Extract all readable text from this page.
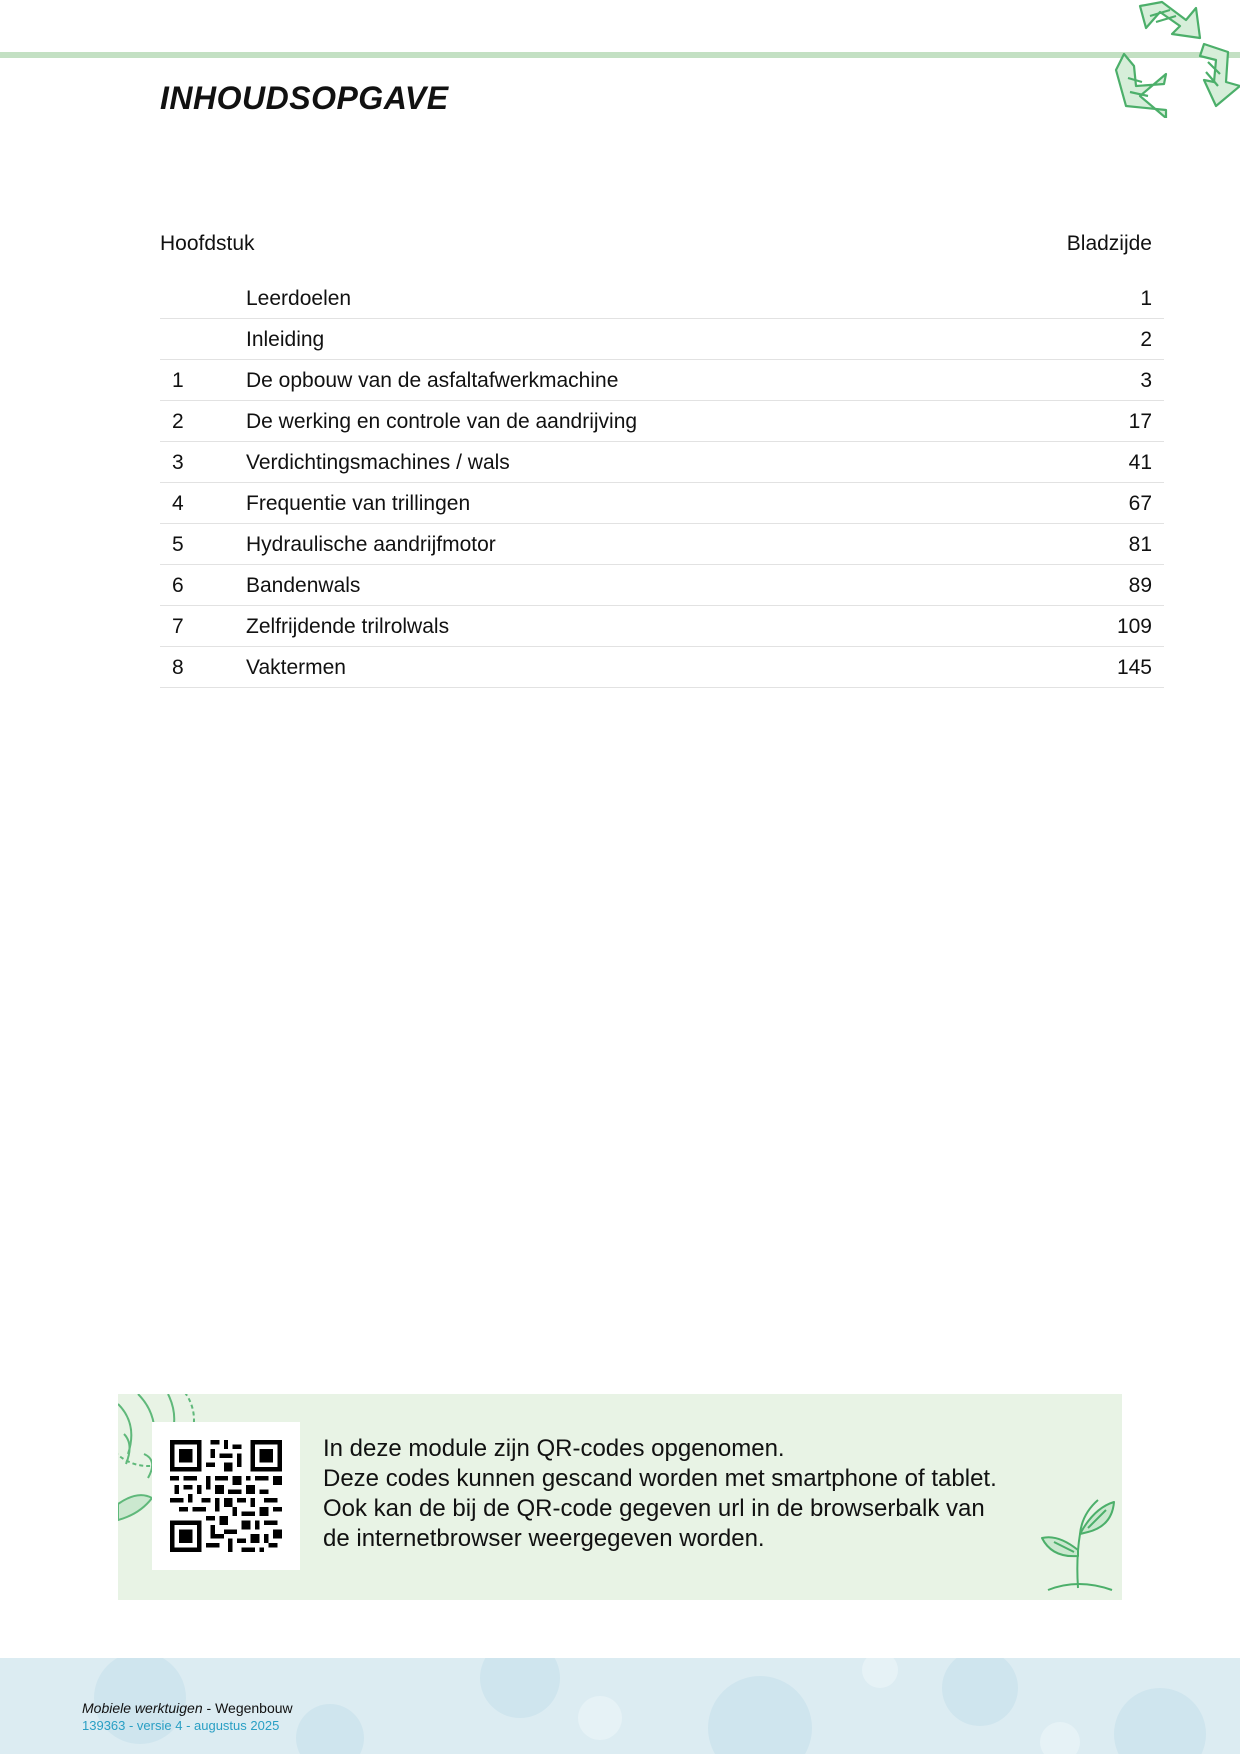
INHOUDSOPGAVE
Hoofdstuk	Bladzijde
Leerdoelen	1
Inleiding	2
1	De opbouw van de asfaltafwerkmachine	3
2	De werking en controle van de aandrijving	17
3	Verdichtingsmachines / wals	41
4	Frequentie van trillingen	67
5	Hydraulische aandrijfmotor	81
6	Bandenwals	89
7	Zelfrijdende trilrolwals	109
8	Vaktermen	145
In deze module zijn QR-codes opgenomen.
Deze codes kunnen gescand worden met smartphone of tablet.
Ook kan de bij de QR-code gegeven url in de browserbalk van
de internetbrowser weergegeven worden.
Mobiele werktuigen - Wegenbouw
139363 - versie 4 - augustus 2025
